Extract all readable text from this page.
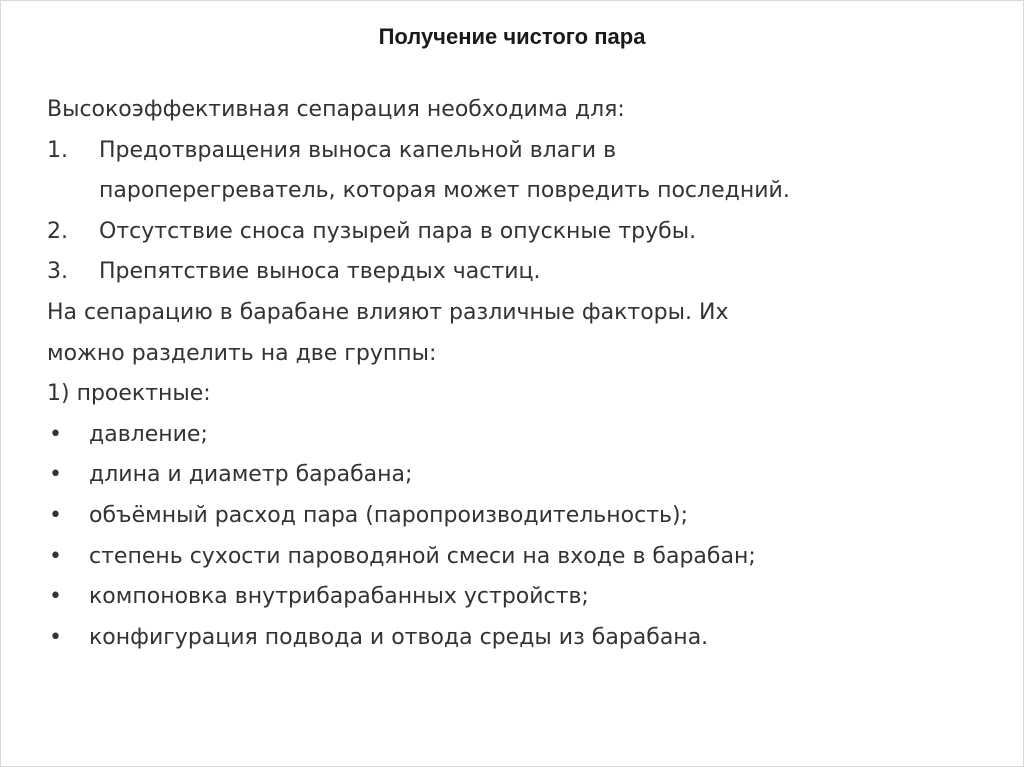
Получение чистого пара
Высокоэффективная сепарация необходима для:
1.	Предотвращения выноса капельной влаги в
пароперегреватель, которая может повредить последний.
2.	Отсутствие сноса пузырей пара в опускные трубы.
3.	Препятствие выноса твердых частиц.
На сепарацию в барабане влияют различные факторы. Их
можно разделить на две группы:
1) проектные:
•	давление;
•	длина и диаметр барабана;
•	объёмный расход пара (паропроизводительность);
•	степень сухости пароводяной смеси на входе в барабан;
•	компоновка внутрибарабанных устройств;
•	конфигурация подвода и отвода среды из барабана.
